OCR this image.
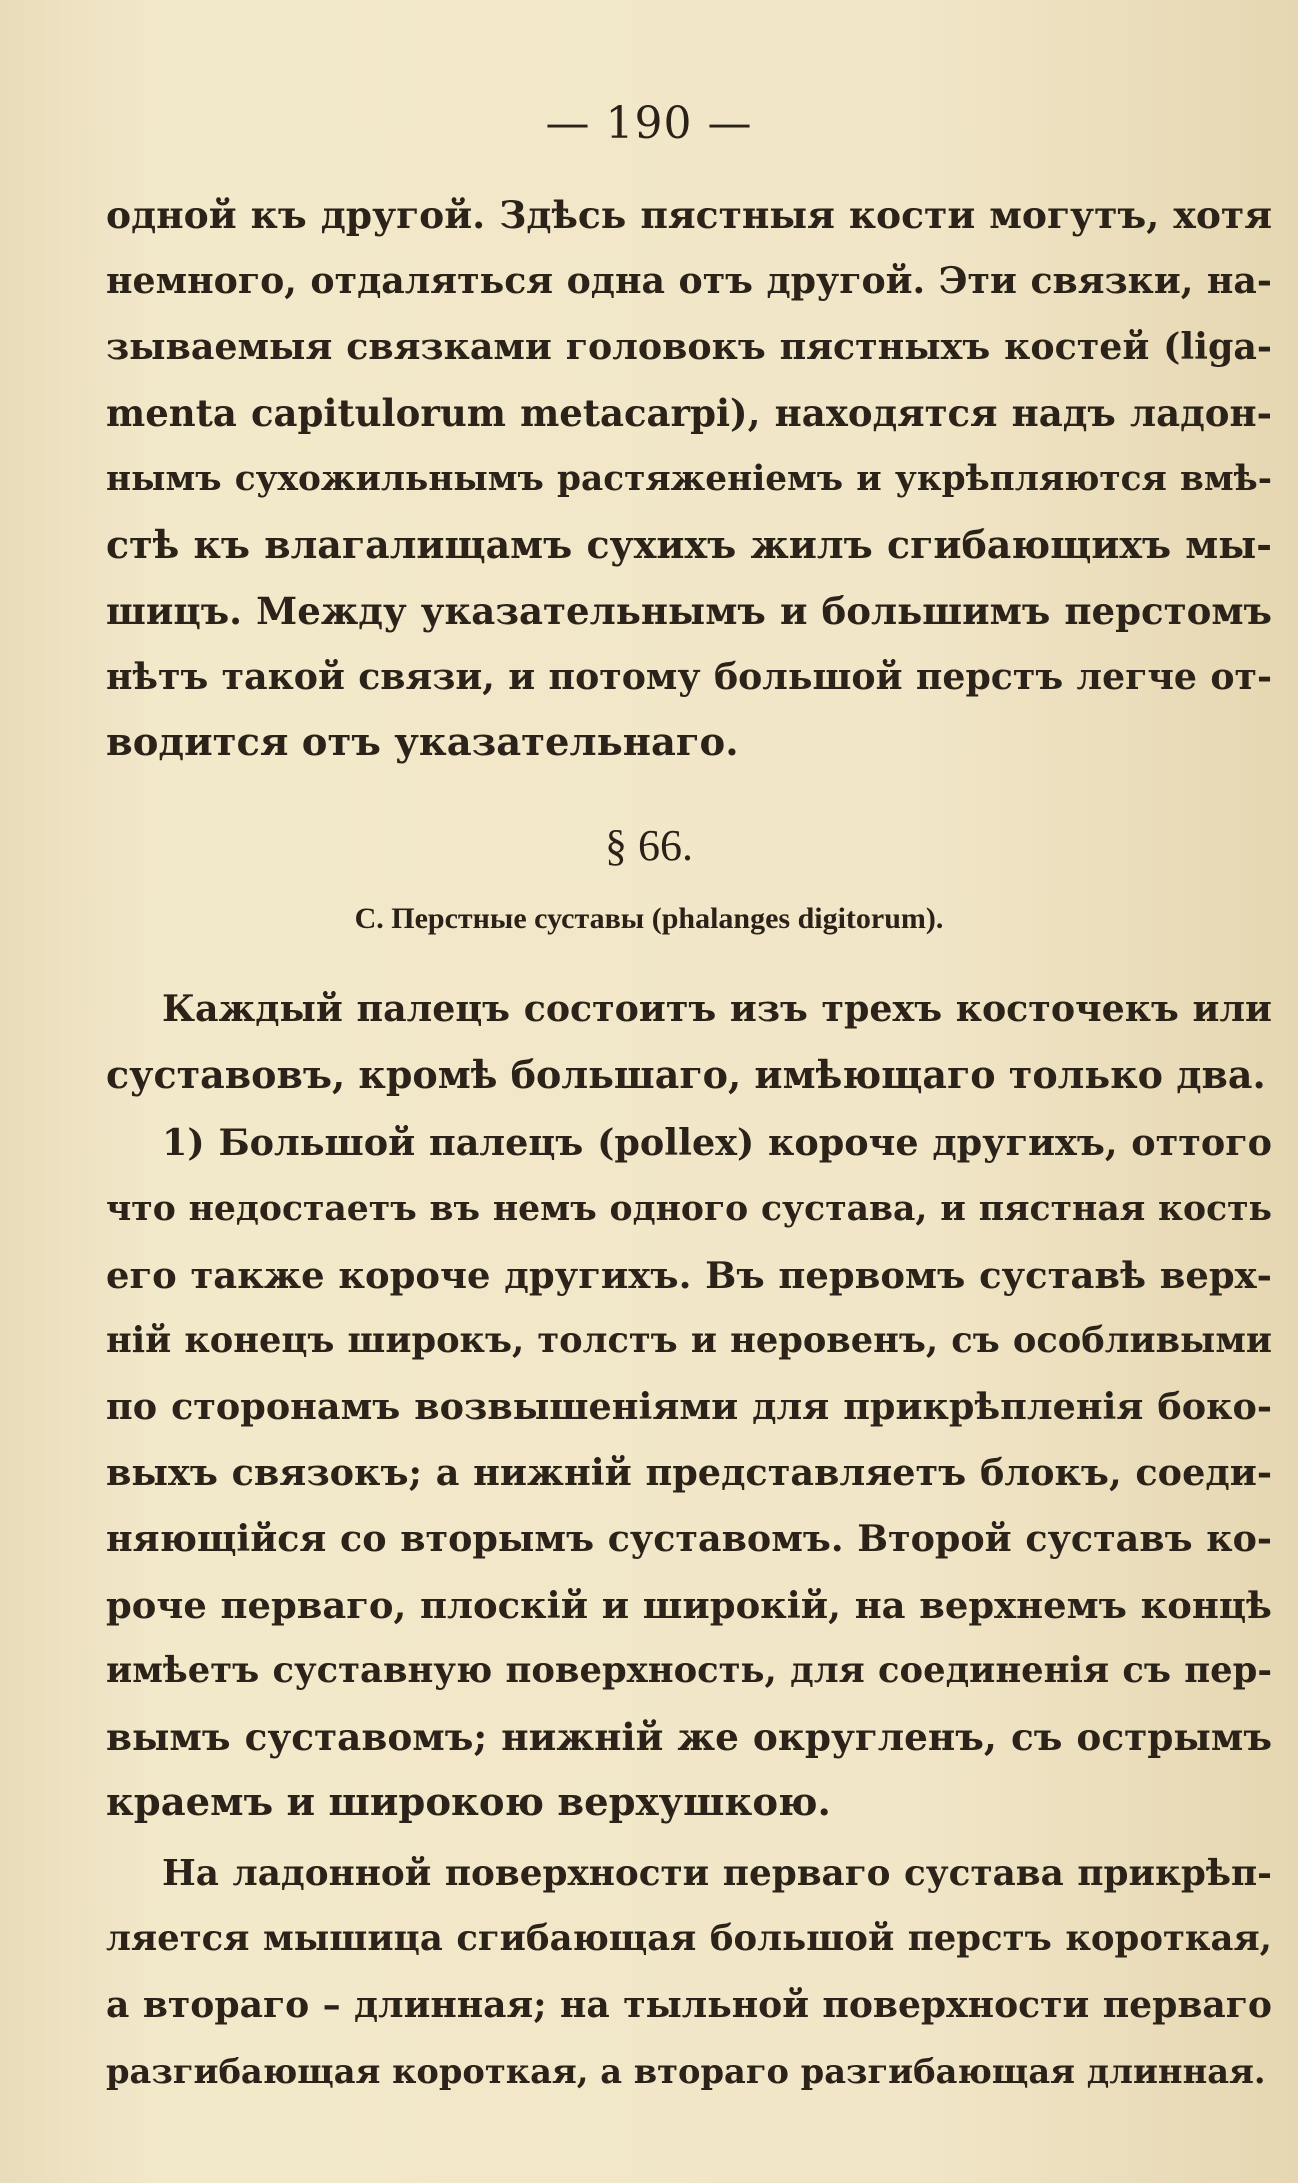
— 190 —
одной къ другой. Здѣсь пястныя кости могутъ, хотя
немного, отдаляться одна отъ другой. Эти связки, на-
зываемыя связками головокъ пястныхъ костей (liga-
menta capitulorum metacarpi), находятся надъ ладон-
нымъ сухожильнымъ растяженiемъ и укрѣпляются вмѣ-
стѣ къ влагалищамъ сухихъ жилъ сгибающихъ мы-
шицъ. Между указательнымъ и большимъ перстомъ
нѣтъ такой связи, и потому большой перстъ легче от-
водится отъ указательнаго.
§ 66.
С. Перстные суставы (phalanges digitorum).
Каждый палецъ состоитъ изъ трехъ косточекъ или
суставовъ, кромѣ большаго, имѣющаго только два.
1) Большой палецъ (pollex) короче другихъ, оттого
что недостаетъ въ немъ одного сустава, и пястная кость
его также короче другихъ. Въ первомъ суставѣ верх-
нiй конецъ широкъ, толстъ и неровенъ, съ особливыми
по сторонамъ возвышенiями для прикрѣпленiя боко-
выхъ связокъ; а нижнiй представляетъ блокъ, соеди-
няющiйся со вторымъ суставомъ. Второй суставъ ко-
роче перваго, плоскiй и широкiй, на верхнемъ концѣ
имѣетъ суставную поверхность, для соединенiя съ пер-
вымъ суставомъ; нижнiй же округленъ, съ острымъ
краемъ и широкою верхушкою.
На ладонной поверхности перваго сустава прикрѣп-
ляется мышица сгибающая большой перстъ короткая,
а втораго – длинная; на тыльной поверхности перваго
разгибающая короткая, а втораго разгибающая длинная.
